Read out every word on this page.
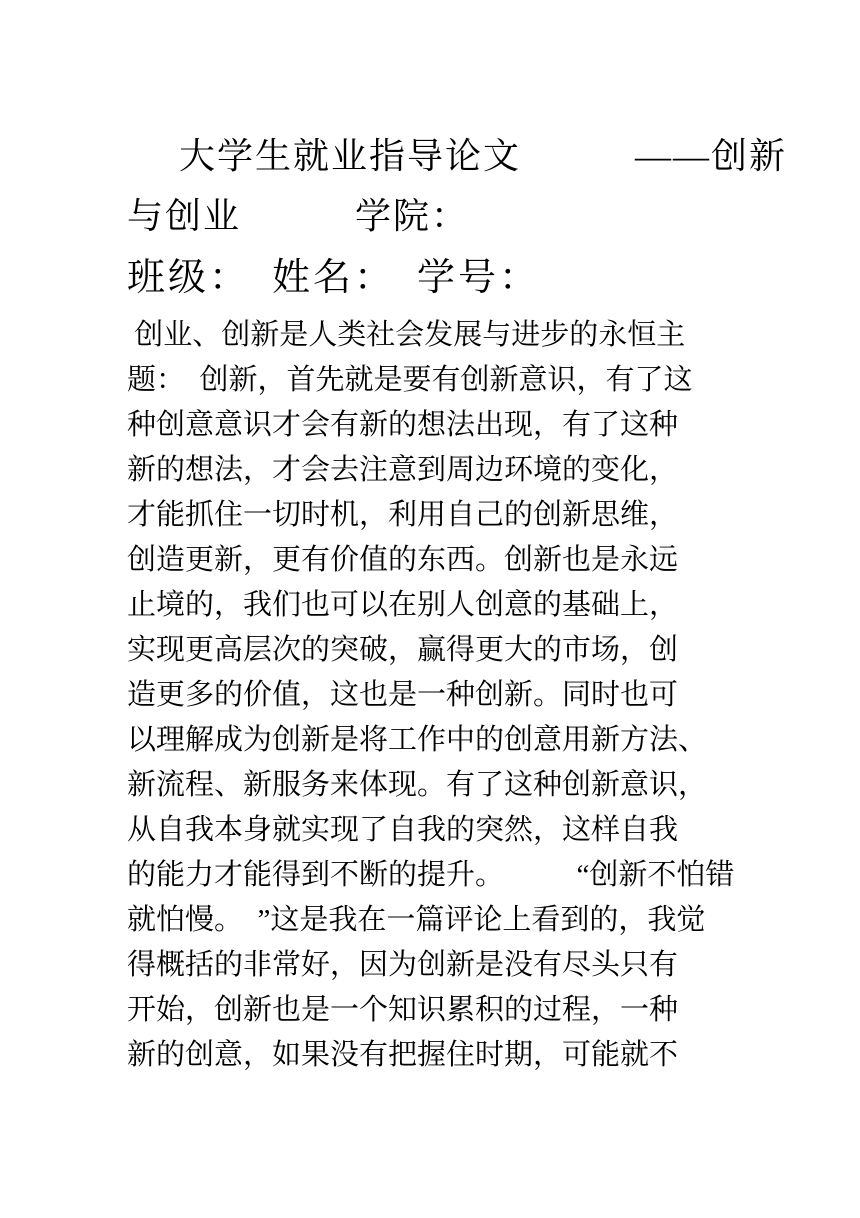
大学生就业指导论文　　　——创新
与创业　　　学院：
班级：　姓名：　学号：
创业、创新是人类社会发展与进步的永恒主
题：  创新，首先就是要有创新意识，有了这
种创意意识才会有新的想法出现，有了这种
新的想法，才会去注意到周边环境的变化，
才能抓住一切时机，利用自己的创新思维，
创造更新，更有价值的东西。创新也是永远
止境的，我们也可以在别人创意的基础上，
实现更高层次的突破，赢得更大的市场，创
造更多的价值，这也是一种创新。同时也可
以理解成为创新是将工作中的创意用新方法、
新流程、新服务来体现。有了这种创新意识，
从自我本身就实现了自我的突然，这样自我
的能力才能得到不断的提升。　　　“创新不怕错
就怕慢。　”这是我在一篇评论上看到的，我觉
得概括的非常好，因为创新是没有尽头只有
开始，创新也是一个知识累积的过程，一种
新的创意，如果没有把握住时期，可能就不
